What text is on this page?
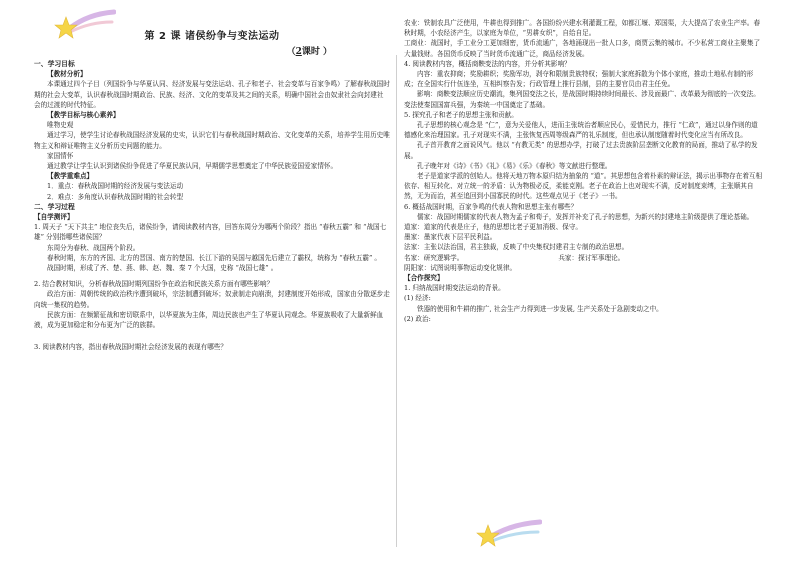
第 2 课 诸侯纷争与变法运动

（2课时 ）

一、学习目标

【教材分析】

本课通过四个子目（列国纷争与华夏认同、经济发展与变法运动、孔子和老子、社会变革与百家争鸣）了解春秋战国时期的社会大变革，认识春秋战国时期政治、民族、经济、文化的变革及其之间的关系，明确中国社会由奴隶社会向封建社会的过渡的时代特征。

【教学目标与核心素养】

唯物史观

通过学习，使学生讨论春秋战国经济发展的史实，认识它们与春秋战国时期政治、文化变革的关系，培养学生用历史唯物主义和辩证唯物主义分析历史问题的能力。

家国情怀

通过教学让学生认识到诸侯纷争促进了华夏民族认同，早期儒学思想奠定了中华民族爱国爱家情怀。

【教学重难点】

1．重点：春秋战国时期的经济发展与变法运动

2．难点：多角度认识春秋战国时期的社会转型

二、学习过程

【自学测评】

1. 周天子 “天下共主” 地位丧失后，诸侯纷争，请阅读教材内容，回答东周分为哪两个阶段？指出 “春秋五霸” 和 “战国七雄” 分别指哪些诸侯国？

东周分为春秋、战国两个阶段。

春秋时期，东方的齐国、北方的晋国、南方的楚国、长江下游的吴国与越国先后建立了霸权，统称为 “春秋五霸” 。

战国时期，形成了齐、楚、燕、韩、赵、魏、秦 7 个大国，史称 “战国七雄” 。

2. 结合教材知识，分析春秋战国时期列国纷争在政治和民族关系方面有哪些影响？

政治方面：周朝传统的政治秩序遭到破坏，宗法制遭到破坏；奴隶制走向崩溃，封建制度开始形成，国家由分散逐步走向统一集权的趋势。

民族方面：在频繁征战和密切联系中，以华夏族为主体，周边民族也产生了华夏认同观念。华夏族吸收了大量新鲜血液，成为更加稳定和分布更为广泛的族群。

3. 阅读教材内容，指出春秋战国时期社会经济发展的表现有哪些？

农业：铁制农具广泛使用，牛耕也得到推广。各国纷纷兴建水利灌溉工程，如都江堰、郑国渠，大大提高了农业生产率。春秋时期，小农经济产生，以家庭为单位，“男耕女织”，自给自足。

工商业：战国时，手工业分工更加细密，货币流通广，各地涌现出一批人口多，商贾云集的城市。不少私营工商业主聚集了大量钱财。各国货币反映了当时货币流通广泛，商品经济发展。

4. 阅读教材内容，概括商鞅变法的内容，并分析其影响？

内容：重农抑商；奖励耕织；奖励军功，剥夺和限制贵族特权；强制大家庭拆散为个体小家庭，推动土地私有制的形成；在全国实行什伍连坐，互相纠察告发；行政管理上推行县制，县的主要官员由君主任免。

影响：商鞅变法顺应历史潮流，集列国变法之长，是战国时期持续时间最长、涉及面最广、改革最为彻底的一次变法。变法使秦国国富兵强，为秦统一中国奠定了基础。

5. 探究孔子和老子的思想主张和贡献。

孔子思想的核心观念是 “仁”，意为关爱他人，进而主张统治者顺应民心，爱惜民力，推行 “仁政”，通过以身作则的道德感化来治理国家。孔子对现实不满，主张恢复西周等级森严的礼乐制度，但也承认制度随着时代变化应当有所改良。

孔子首开教育之面说风气。他以 “有教无类” 的思想办学，打破了过去贵族阶层垄断文化教育的局面，推动了私学的发展。

孔子晚年对《诗》《书》《礼》《易》《乐》《春秋》等文献进行整理。

老子是道家学派的创始人。他将天地万物本原归结为抽象的 “道”。其思想包含着朴素的辩证法，揭示出事物存在着互相依存、相互转化、对立统一的矛盾：认为物极必反，柔能克刚。老子在政治上也对现实不满，反对制度束缚，主张顺其自然，无为而治，甚至追回到小国寡民的时代。这些观点见于《老子》一书。

6. 概括战国时期，百家争鸣的代表人物和思想主张有哪些？

儒家：战国时期儒家的代表人物为孟子和荀子，发挥并补充了孔子的思想，为新兴的封建地主阶级提供了理论基础。

道家：道家的代表是庄子，他的思想比老子更加消极、保守。

墨家：墨家代表下层平民利益。

法家：主张以法治国，君主独裁，反映了中央集权封建君主专制的政治思想。

名家：研究逻辑学。	兵家：探讨军事理论。

阴阳家：试图说明事物运动变化规律。

【合作探究】

1. 归纳战国时期变法运动的背景。

(1) 经济:

铁器的使用和牛耕的推广, 社会生产力得到进一步发展, 生产关系处于急剧变动之中。

(2) 政治:
